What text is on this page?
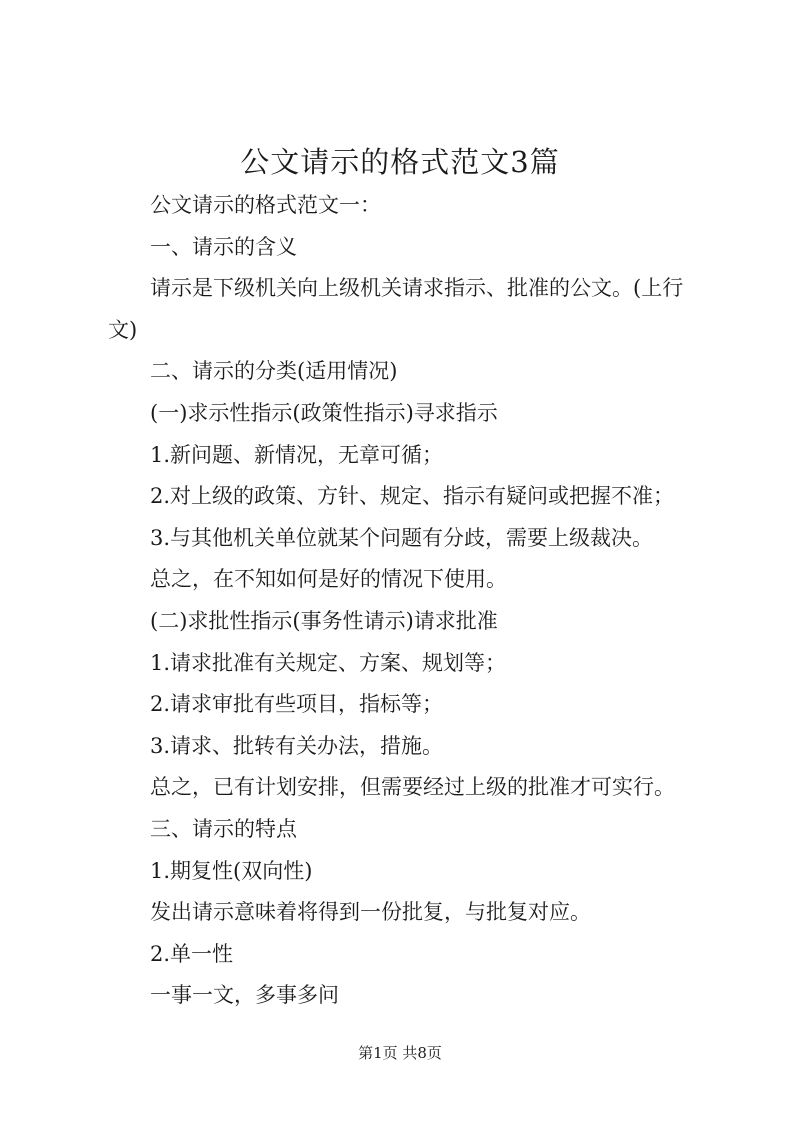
公文请示的格式范文3篇

公文请示的格式范文一：

一、请示的含义

请示是下级机关向上级机关请求指示、批准的公文。(上行文)

二、请示的分类(适用情况)

(一)求示性指示(政策性指示)寻求指示

1.新问题、新情况，无章可循；

2.对上级的政策、方针、规定、指示有疑问或把握不准；

3.与其他机关单位就某个问题有分歧，需要上级裁决。

总之，在不知如何是好的情况下使用。

(二)求批性指示(事务性请示)请求批准

1.请求批准有关规定、方案、规划等；

2.请求审批有些项目，指标等；

3.请求、批转有关办法，措施。

总之，已有计划安排，但需要经过上级的批准才可实行。

三、请示的特点

1.期复性(双向性)

发出请示意味着将得到一份批复，与批复对应。

2.单一性

一事一文，多事多问

第1页 共8页
